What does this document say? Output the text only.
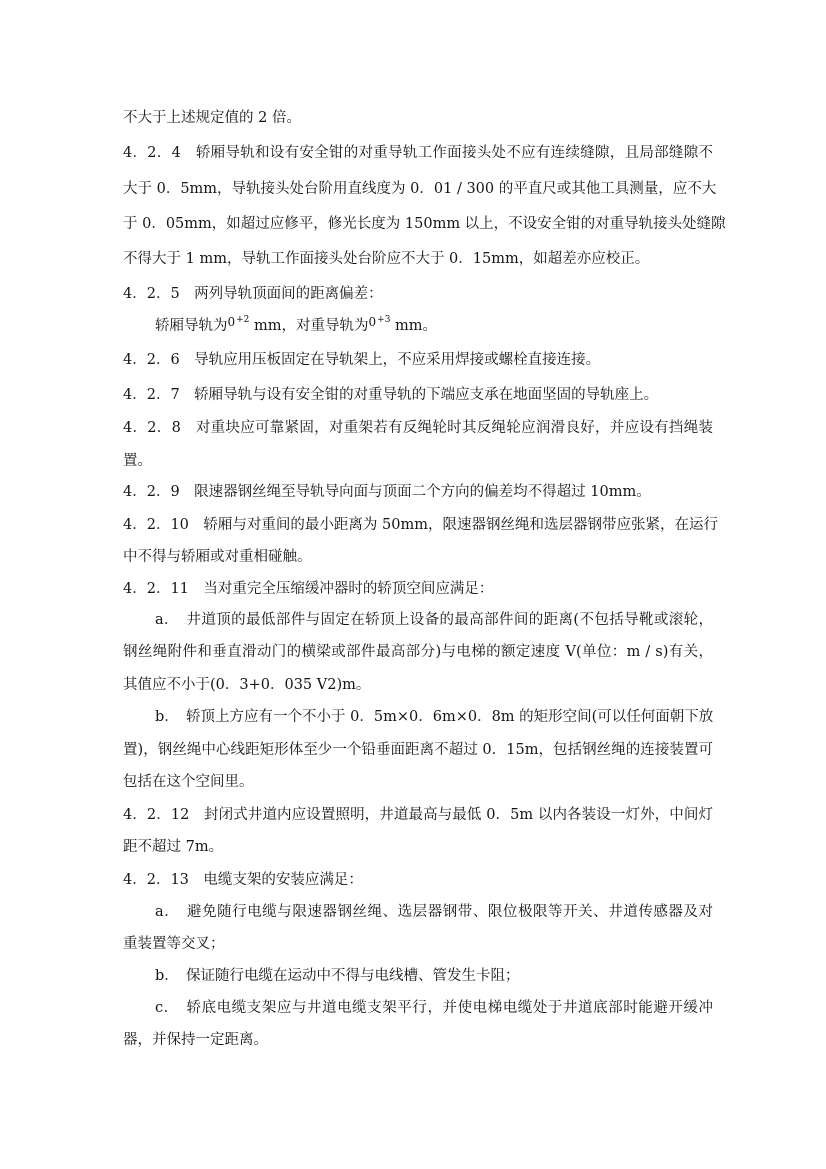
不大于上述规定值的 2 倍。
4．2．4　轿厢导轨和设有安全钳的对重导轨工作面接头处不应有连续缝隙，且局部缝隙不
大于 0．5mm，导轨接头处台阶用直线度为 0．01 / 300 的平直尺或其他工具测量，应不大
于 0．05mm，如超过应修平，修光长度为 150mm 以上，不设安全钳的对重导轨接头处缝隙
不得大于 1 mm，导轨工作面接头处台阶应不大于 0．15mm，如超差亦应校正。
4．2．5　两列导轨顶面间的距离偏差：
轿厢导轨为$^{0+2}$ mm，对重导轨为$^{0+3}$ mm。
4．2．6　导轨应用压板固定在导轨架上，不应采用焊接或螺栓直接连接。
4．2．7　轿厢导轨与设有安全钳的对重导轨的下端应支承在地面坚固的导轨座上。
4．2．8　对重块应可靠紧固，对重架若有反绳轮时其反绳轮应润滑良好，并应设有挡绳装
置。
4．2．9　限速器钢丝绳至导轨导向面与顶面二个方向的偏差均不得超过 10mm。
4．2．10　轿厢与对重间的最小距离为 50mm，限速器钢丝绳和选层器钢带应张紧，在运行
中不得与轿厢或对重相碰触。
4．2．11　当对重完全压缩缓冲器时的轿顶空间应满足：
a．　井道顶的最低部件与固定在轿顶上设备的最高部件间的距离(不包括导靴或滚轮，
钢丝绳附件和垂直滑动门的横梁或部件最高部分)与电梯的额定速度 V(单位：m / s)有关，
其值应不小于(0．3+0．035 V2)m。
b．　轿顶上方应有一个不小于 0．5m×0．6m×0．8m 的矩形空间(可以任何面朝下放
置)，钢丝绳中心线距矩形体至少一个铅垂面距离不超过 0．15m，包括钢丝绳的连接装置可
包括在这个空间里。
4．2．12　封闭式井道内应设置照明，井道最高与最低 0．5m 以内各装设一灯外，中间灯
距不超过 7m。
4．2．13　电缆支架的安装应满足：
a．　避免随行电缆与限速器钢丝绳、选层器钢带、限位极限等开关、井道传感器及对
重装置等交叉；
b．　保证随行电缆在运动中不得与电线槽、管发生卡阻；
c．　轿底电缆支架应与井道电缆支架平行，并使电梯电缆处于井道底部时能避开缓冲
器，并保持一定距离。
